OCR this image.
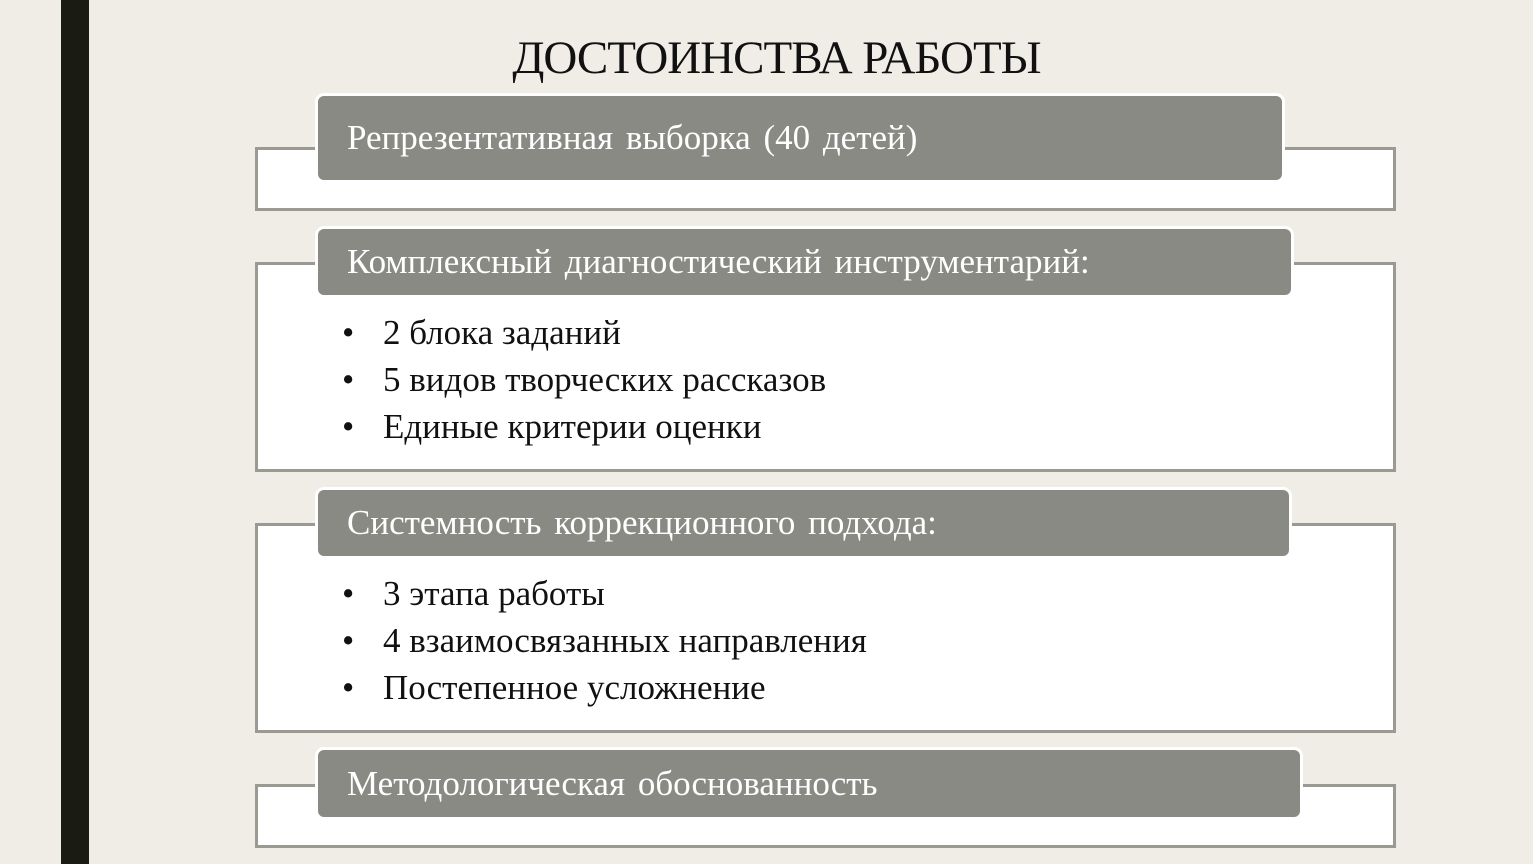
ДОСТОИНСТВА РАБОТЫ
Репрезентативная выборка (40 детей)
Комплексный диагностический инструментарий:
• 2 блока заданий
• 5 видов творческих рассказов
• Единые критерии оценки
Системность коррекционного подхода:
• 3 этапа работы
• 4 взаимосвязанных направления
• Постепенное усложнение
Методологическая обоснованность
